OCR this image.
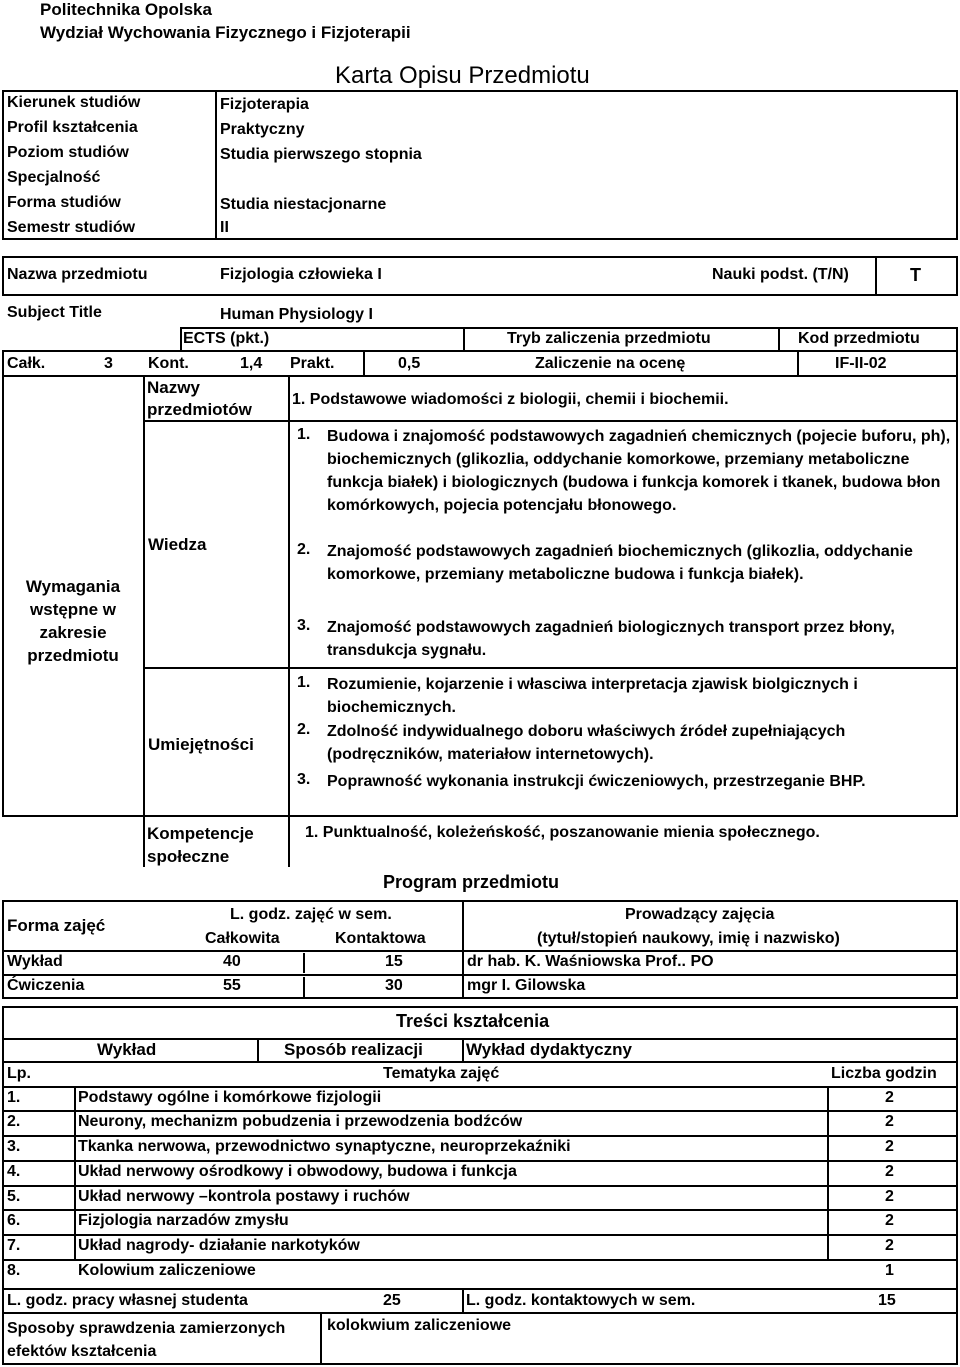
Politechnika Opolska
Wydział Wychowania Fizycznego i Fizjoterapii
Karta Opisu Przedmiotu
Kierunek studiów	Fizjoterapia
Profil kształcenia	Praktyczny
Poziom studiów	Studia pierwszego stopnia
Specjalność
Forma studiów	Studia niestacjonarne
Semestr studiów	II
Nazwa przedmiotu	Fizjologia człowieka I	Nauki podst. (T/N)	T
Subject Title	Human Physiology I
ECTS (pkt.)	Tryb zaliczenia przedmiotu	Kod przedmiotu
Całk.	3 Kont.	1,4 Prakt.	0,5	Zaliczenie na ocenę	IF-II-02
Wymagania wstępne w zakresie przedmiotu
Nazwy przedmiotów
1. Podstawowe wiadomości z biologii, chemii i biochemii.
Wiedza
1. Budowa i znajomość podstawowych zagadnień chemicznych (pojecie buforu, ph), biochemicznych (glikozlia, oddychanie komorkowe, przemiany metaboliczne funkcja białek) i biologicznych (budowa i funkcja komorek i tkanek, budowa błon komórkowych, pojecia potencjału błonowego.
2. Znajomość podstawowych zagadnień biochemicznych (glikozlia, oddychanie komorkowe, przemiany metaboliczne budowa i funkcja białek).
3. Znajomość podstawowych zagadnień biologicznych transport przez błony, transdukcja sygnału.
Umiejętności
1. Rozumienie, kojarzenie i własciwa interpretacja zjawisk biolgicznych i biochemicznych.
2. Zdolność indywidualnego doboru właściwych źródeł zupełniających (podręczników, materiałow internetowych).
3. Poprawność wykonania instrukcji ćwiczeniowych, przestrzeganie BHP.
Kompetencje społeczne
1. Punktualność, koleżeńskość, poszanowanie mienia społecznego.
Program przedmiotu
Forma zajęć
L. godz. zajęć w sem.
Całkowita	Kontaktowa
Prowadzący zajęcia
(tytuł/stopień naukowy, imię i nazwisko)
Wykład	40	15	dr hab. K. Waśniowska Prof.. PO
Ćwiczenia	55	30	mgr I. Gilowska
Treści kształcenia
Wykład	Sposób realizacji	Wykład dydaktyczny
Lp.	Tematyka zajęć	Liczba godzin
1.	Podstawy ogólne i komórkowe fizjologii	2
2.	Neurony, mechanizm pobudzenia i przewodzenia bodźców	2
3.	Tkanka nerwowa, przewodnictwo synaptyczne, neuroprzekaźniki	2
4.	Układ nerwowy ośrodkowy i obwodowy, budowa i funkcja	2
5.	Układ nerwowy –kontrola postawy i ruchów	2
6.	Fizjologia narzadów zmysłu	2
7.	Układ nagrody- działanie narkotyków	2
8.	Kolowium zaliczeniowe	1
L. godz. pracy własnej studenta	25	L. godz. kontaktowych w sem.	15
Sposoby sprawdzenia zamierzonych efektów kształcenia
kolokwium zaliczeniowe
